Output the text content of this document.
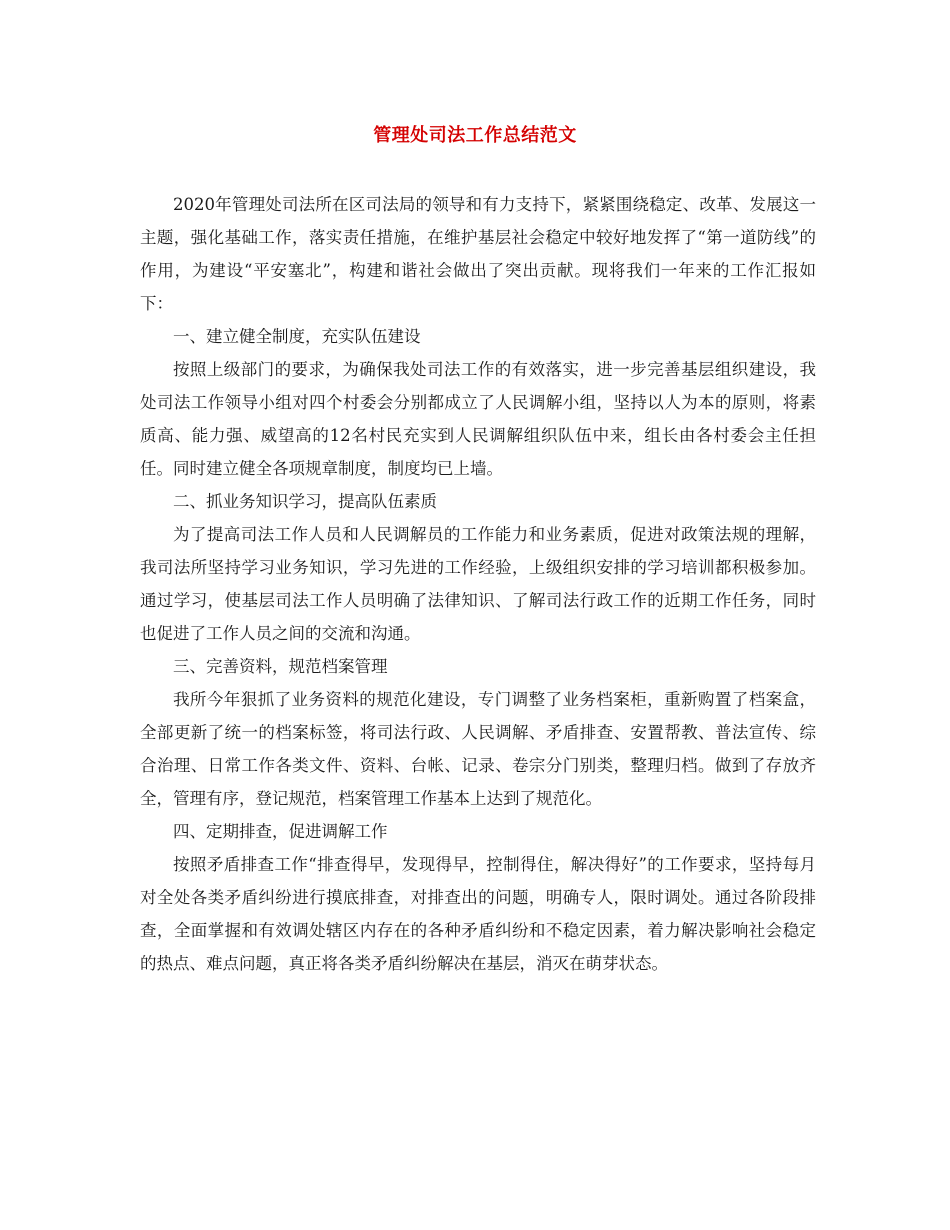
管理处司法工作总结范文

2020年管理处司法所在区司法局的领导和有力支持下，紧紧围绕稳定、改革、发展这一主题，强化基础工作，落实责任措施，在维护基层社会稳定中较好地发挥了“第一道防线”的作用，为建设“平安塞北”，构建和谐社会做出了突出贡献。现将我们一年来的工作汇报如下：

一、建立健全制度，充实队伍建设

按照上级部门的要求，为确保我处司法工作的有效落实，进一步完善基层组织建设，我处司法工作领导小组对四个村委会分别都成立了人民调解小组，坚持以人为本的原则，将素质高、能力强、威望高的12名村民充实到人民调解组织队伍中来，组长由各村委会主任担任。同时建立健全各项规章制度，制度均已上墙。

二、抓业务知识学习，提高队伍素质

为了提高司法工作人员和人民调解员的工作能力和业务素质，促进对政策法规的理解，我司法所坚持学习业务知识，学习先进的工作经验，上级组织安排的学习培训都积极参加。通过学习，使基层司法工作人员明确了法律知识、了解司法行政工作的近期工作任务，同时也促进了工作人员之间的交流和沟通。

三、完善资料，规范档案管理

我所今年狠抓了业务资料的规范化建设，专门调整了业务档案柜，重新购置了档案盒，全部更新了统一的档案标签，将司法行政、人民调解、矛盾排查、安置帮教、普法宣传、综合治理、日常工作各类文件、资料、台帐、记录、卷宗分门别类，整理归档。做到了存放齐全，管理有序，登记规范，档案管理工作基本上达到了规范化。

四、定期排查，促进调解工作

按照矛盾排查工作“排查得早，发现得早，控制得住，解决得好”的工作要求，坚持每月对全处各类矛盾纠纷进行摸底排查，对排查出的问题，明确专人，限时调处。通过各阶段排查，全面掌握和有效调处辖区内存在的各种矛盾纠纷和不稳定因素，着力解决影响社会稳定的热点、难点问题，真正将各类矛盾纠纷解决在基层，消灭在萌芽状态。
